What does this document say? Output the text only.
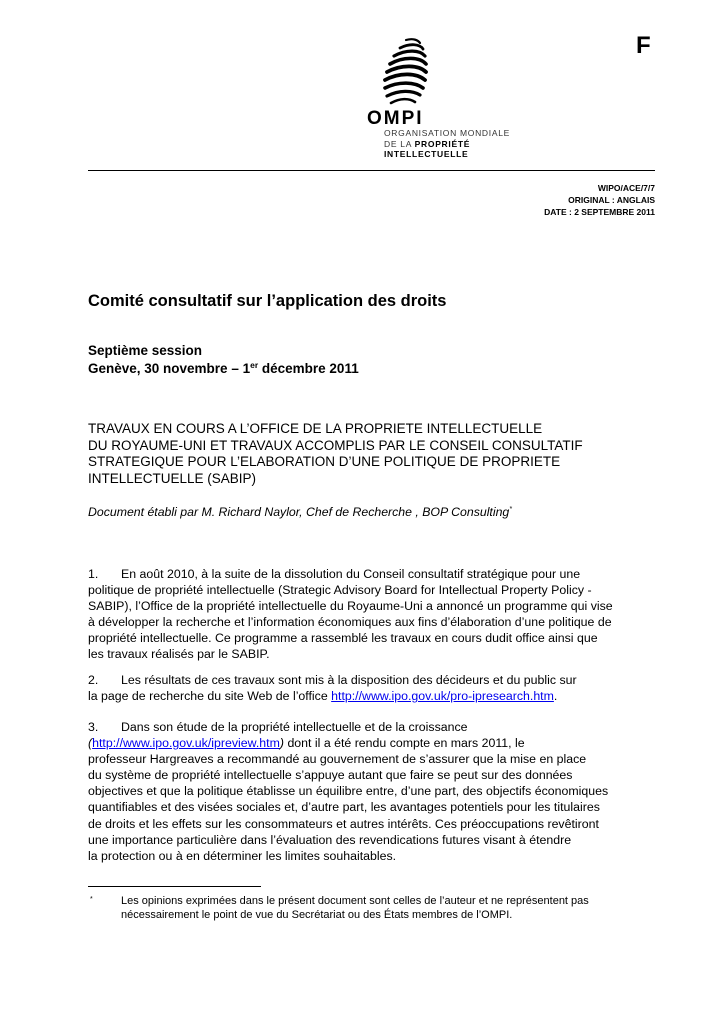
F
OMPI
ORGANISATION MONDIALE
DE LA PROPRIÉTÉ
INTELLECTUELLE
WIPO/ACE/7/7
ORIGINAL : ANGLAIS
DATE : 2 SEPTEMBRE 2011
Comité consultatif sur l’application des droits
Septième session
Genève, 30 novembre – 1er décembre 2011
TRAVAUX EN COURS A L’OFFICE DE LA PROPRIETE INTELLECTUELLE
DU ROYAUME-UNI ET TRAVAUX ACCOMPLIS PAR LE CONSEIL CONSULTATIF
STRATEGIQUE POUR L’ELABORATION D’UNE POLITIQUE DE PROPRIETE
INTELLECTUELLE (SABIP)
Document établi par M. Richard Naylor, Chef de Recherche , BOP Consulting*
1. En août 2010, à la suite de la dissolution du Conseil consultatif stratégique pour une
politique de propriété intellectuelle (Strategic Advisory Board for Intellectual Property Policy -
SABIP), l’Office de la propriété intellectuelle du Royaume-Uni a annoncé un programme qui vise
à développer la recherche et l’information économiques aux fins d’élaboration d’une politique de
propriété intellectuelle. Ce programme a rassemblé les travaux en cours dudit office ainsi que
les travaux réalisés par le SABIP.
2. Les résultats de ces travaux sont mis à la disposition des décideurs et du public sur
la page de recherche du site Web de l’office http://www.ipo.gov.uk/pro-ipresearch.htm.
3. Dans son étude de la propriété intellectuelle et de la croissance
(http://www.ipo.gov.uk/ipreview.htm) dont il a été rendu compte en mars 2011, le
professeur Hargreaves a recommandé au gouvernement de s’assurer que la mise en place
du système de propriété intellectuelle s’appuye autant que faire se peut sur des données
objectives et que la politique établisse un équilibre entre, d’une part, des objectifs économiques
quantifiables et des visées sociales et, d’autre part, les avantages potentiels pour les titulaires
de droits et les effets sur les consommateurs et autres intérêts. Ces préoccupations revêtiront
une importance particulière dans l’évaluation des revendications futures visant à étendre
la protection ou à en déterminer les limites souhaitables.
*	Les opinions exprimées dans le présent document sont celles de l’auteur et ne représentent pas
nécessairement le point de vue du Secrétariat ou des États membres de l’OMPI.
